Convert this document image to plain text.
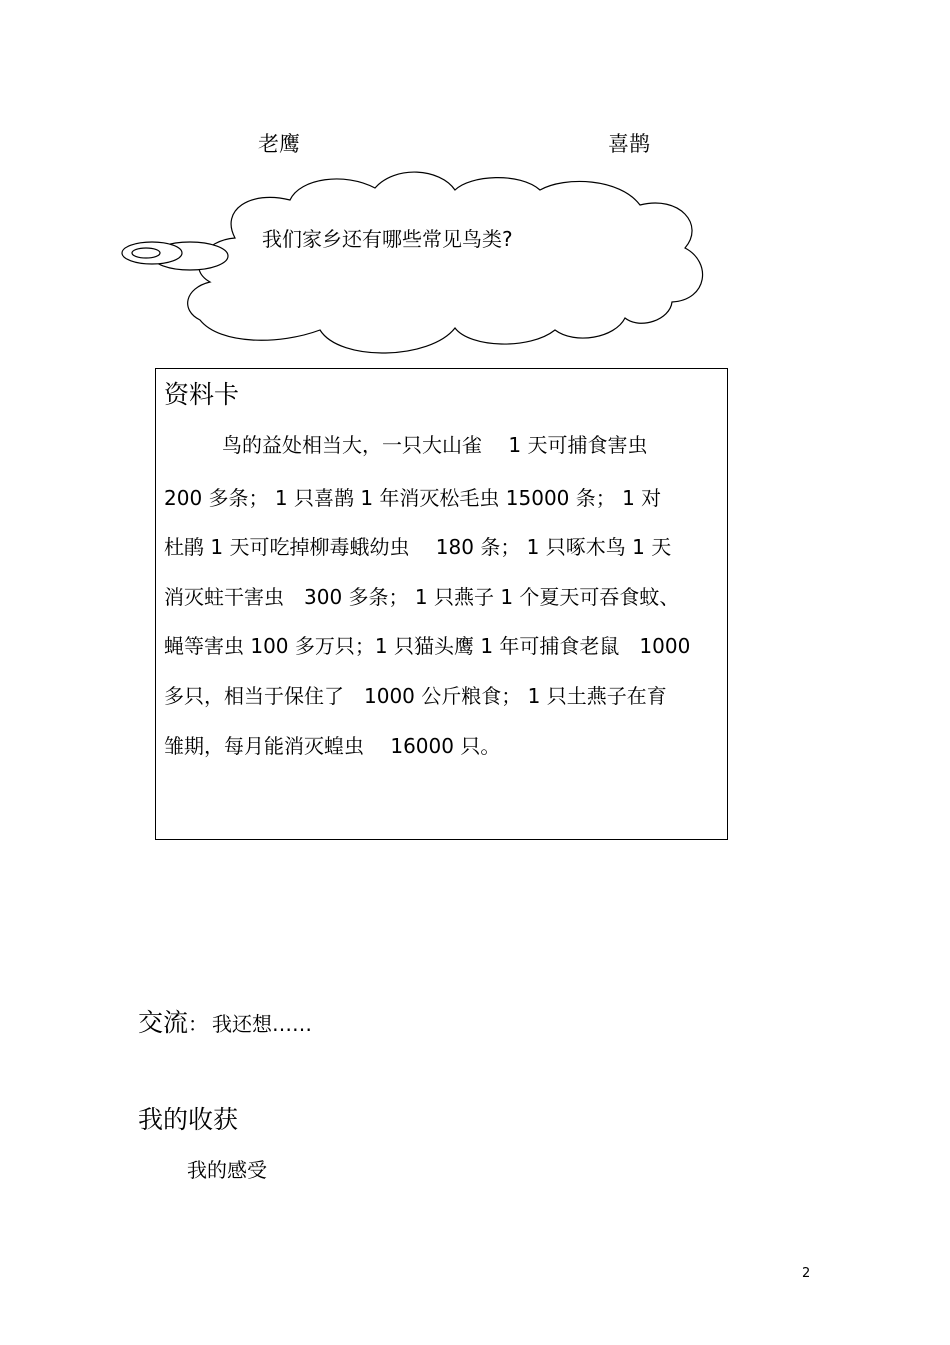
老鹰	喜鹊
我们家乡还有哪些常见鸟类?
资料卡
鸟的益处相当大，一只大山雀　 1 天可捕食害虫
200 多条； 1 只喜鹊 1 年消灭松毛虫 15000 条； 1 对
杜鹃 1 天可吃掉柳毒蛾幼虫　 180 条； 1 只啄木鸟 1 天
消灭蛀干害虫　300 多条； 1 只燕子 1 个夏天可吞食蚊、
蝇等害虫 100 多万只；1 只猫头鹰 1 年可捕食老鼠　1000
多只，相当于保住了　1000 公斤粮食； 1 只土燕子在育
雏期，每月能消灭蝗虫　 16000 只。
交流： 我还想……
我的收获
我的感受
2
